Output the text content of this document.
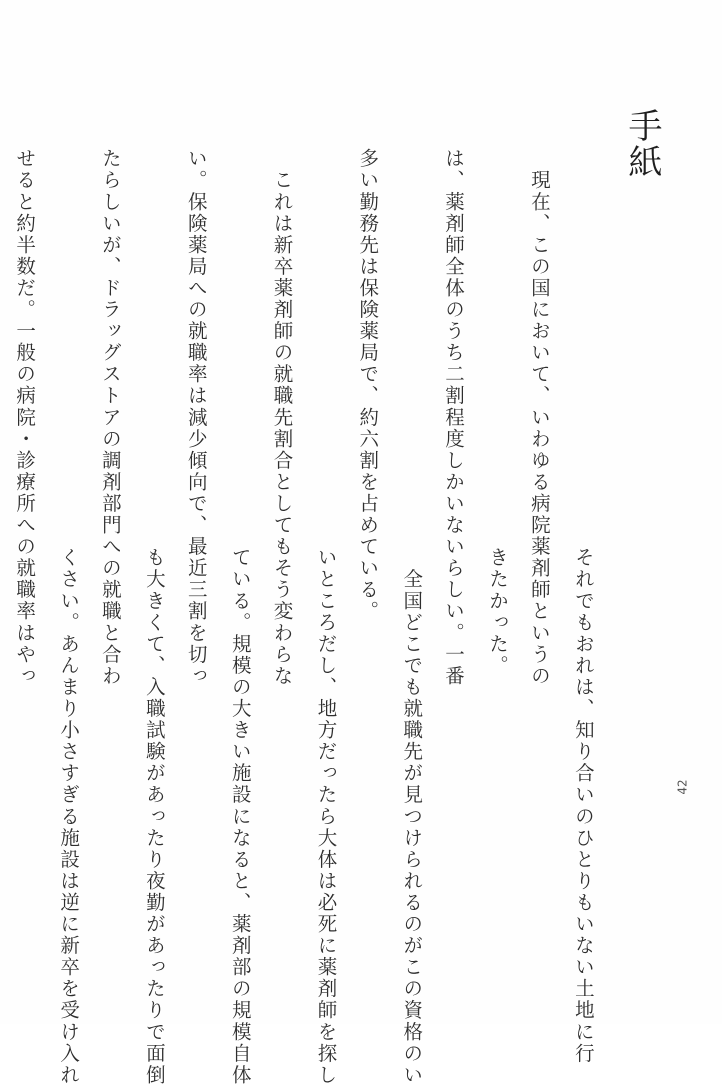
手紙

　現在、この国において、いわゆる病院薬剤師というの

は、薬剤師全体のうち二割程度しかいないらしい。一番

多い勤務先は保険薬局で、約六割を占めている。

　これは新卒薬剤師の就職先割合としてもそう変わらな

い。保険薬局への就職率は減少傾向で、最近三割を切っ

たらしいが、ドラッグストアの調剤部門への就職と合わ

せると約半数だ。一般の病院・診療所への就職率はやっ

それでもおれは、知り合いのひとりもいない土地に行

きたかった。

　全国どこでも就職先が見つけられるのがこの資格のい

いところだし、地方だったら大体は必死に薬剤師を探し

ている。規模の大きい施設になると、薬剤部の規模自体

も大きくて、入職試験があったり夜勤があったりで面倒

くさい。あんまり小さすぎる施設は逆に新卒を受け入れ

	42
